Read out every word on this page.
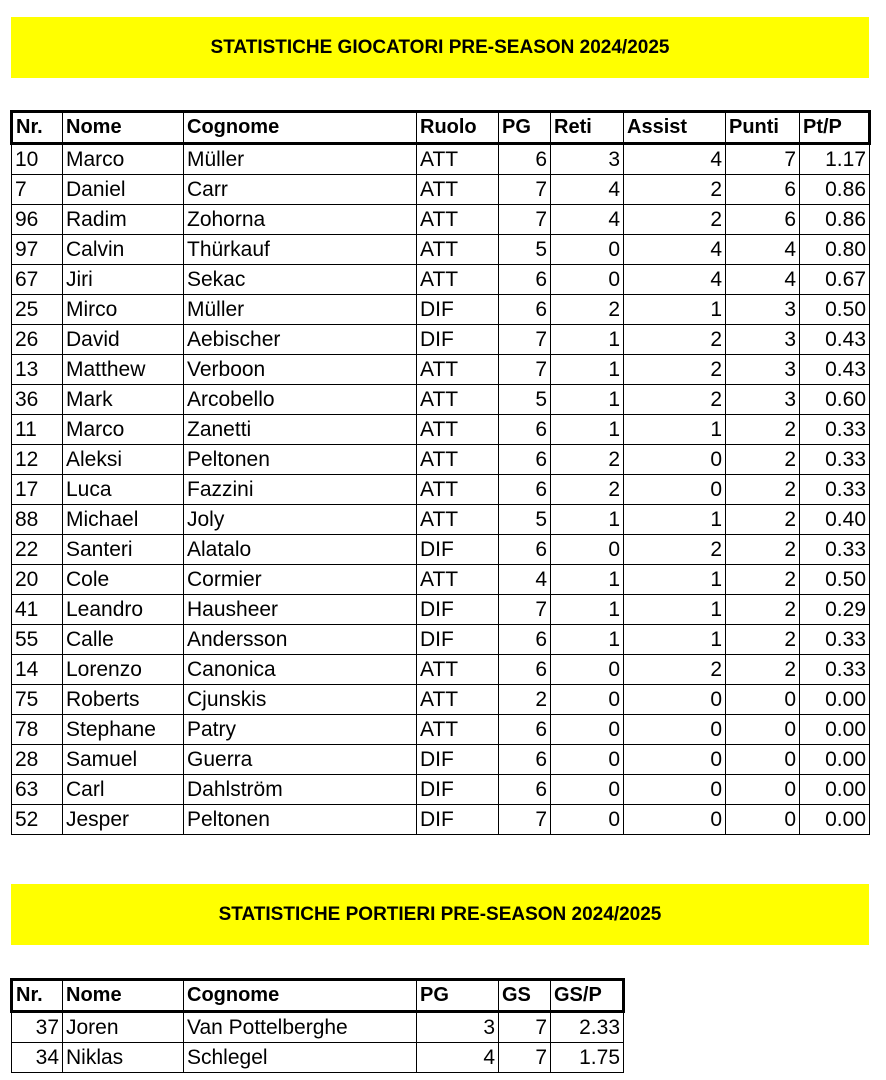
STATISTICHE GIOCATORI PRE-SEASON 2024/2025
Nr.	Nome	Cognome	Ruolo	PG	Reti	Assist	Punti	Pt/P
10	Marco	Müller	ATT	6	3	4	7	1.17
7	Daniel	Carr	ATT	7	4	2	6	0.86
96	Radim	Zohorna	ATT	7	4	2	6	0.86
97	Calvin	Thürkauf	ATT	5	0	4	4	0.80
67	Jiri	Sekac	ATT	6	0	4	4	0.67
25	Mirco	Müller	DIF	6	2	1	3	0.50
26	David	Aebischer	DIF	7	1	2	3	0.43
13	Matthew	Verboon	ATT	7	1	2	3	0.43
36	Mark	Arcobello	ATT	5	1	2	3	0.60
11	Marco	Zanetti	ATT	6	1	1	2	0.33
12	Aleksi	Peltonen	ATT	6	2	0	2	0.33
17	Luca	Fazzini	ATT	6	2	0	2	0.33
88	Michael	Joly	ATT	5	1	1	2	0.40
22	Santeri	Alatalo	DIF	6	0	2	2	0.33
20	Cole	Cormier	ATT	4	1	1	2	0.50
41	Leandro	Hausheer	DIF	7	1	1	2	0.29
55	Calle	Andersson	DIF	6	1	1	2	0.33
14	Lorenzo	Canonica	ATT	6	0	2	2	0.33
75	Roberts	Cjunskis	ATT	2	0	0	0	0.00
78	Stephane	Patry	ATT	6	0	0	0	0.00
28	Samuel	Guerra	DIF	6	0	0	0	0.00
63	Carl	Dahlström	DIF	6	0	0	0	0.00
52	Jesper	Peltonen	DIF	7	0	0	0	0.00
STATISTICHE PORTIERI PRE-SEASON 2024/2025
Nr.	Nome	Cognome	PG	GS	GS/P
37	Joren	Van Pottelberghe	3	7	2.33
34	Niklas	Schlegel	4	7	1.75
